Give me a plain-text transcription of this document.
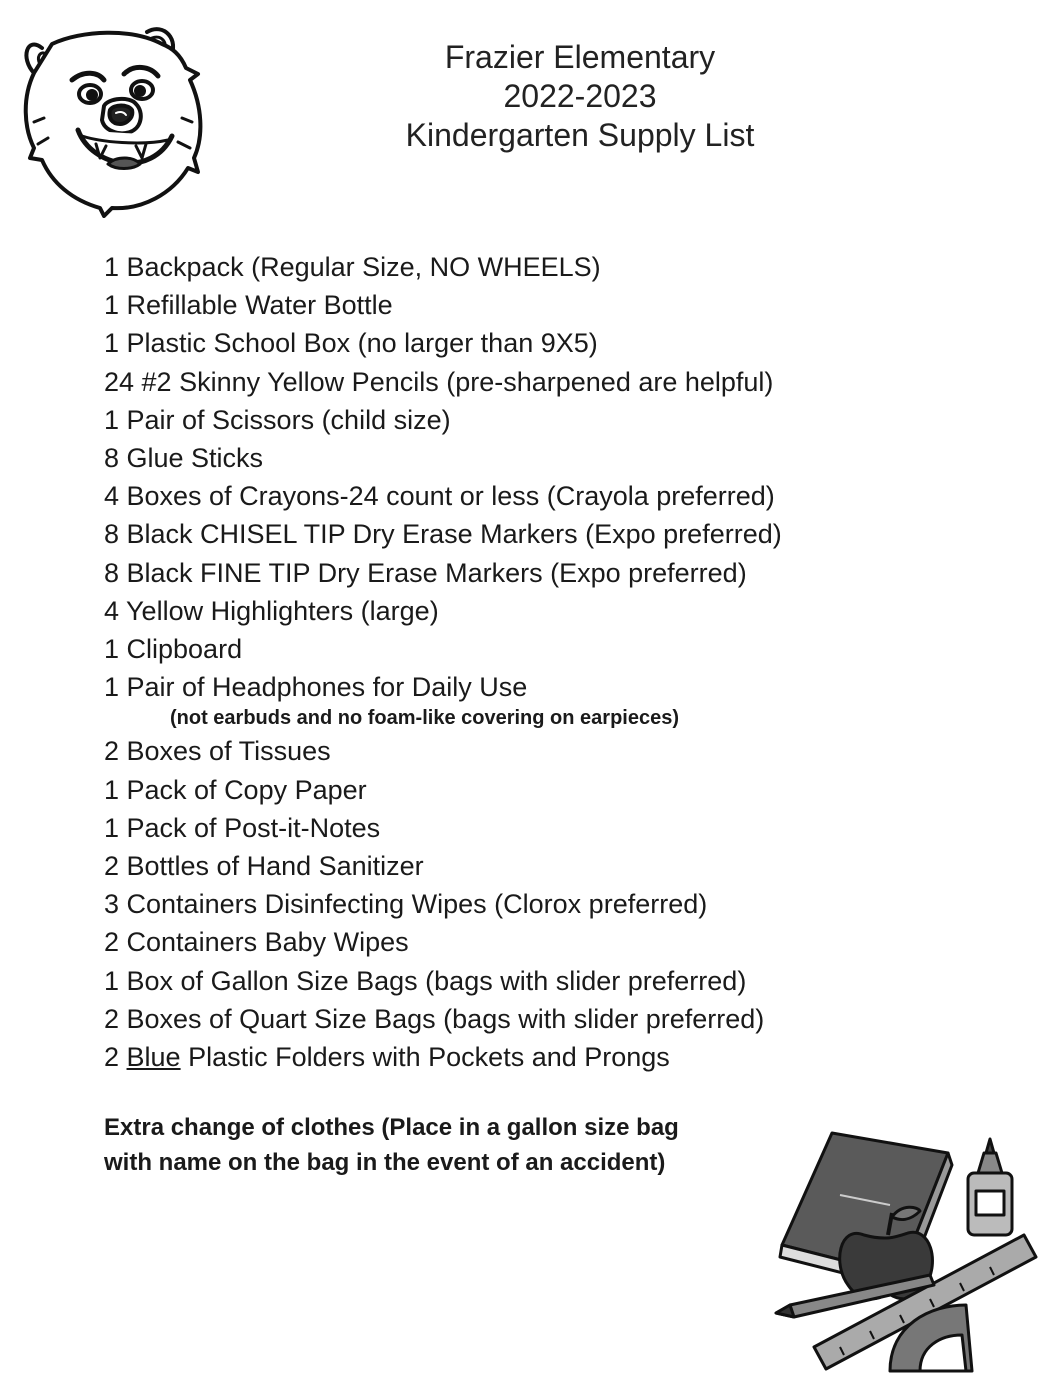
Frazier Elementary
2022-2023
Kindergarten Supply List
1 Backpack (Regular Size, NO WHEELS)
1 Refillable Water Bottle
1 Plastic School Box (no larger than 9X5)
24 #2 Skinny Yellow Pencils (pre-sharpened are helpful)
1 Pair of Scissors (child size)
8 Glue Sticks
4 Boxes of Crayons-24 count or less (Crayola preferred)
8 Black CHISEL TIP Dry Erase Markers (Expo preferred)
8 Black FINE TIP Dry Erase Markers (Expo preferred)
4 Yellow Highlighters (large)
1 Clipboard
1 Pair of Headphones for Daily Use
(not earbuds and no foam-like covering on earpieces)
2 Boxes of Tissues
1 Pack of Copy Paper
1 Pack of Post-it-Notes
2 Bottles of Hand Sanitizer
3 Containers Disinfecting Wipes (Clorox preferred)
2 Containers Baby Wipes
1 Box of Gallon Size Bags (bags with slider preferred)
2 Boxes of Quart Size Bags (bags with slider preferred)
2 Blue Plastic Folders with Pockets and Prongs
Extra change of clothes (Place in a gallon size bag
with name on the bag in the event of an accident)
